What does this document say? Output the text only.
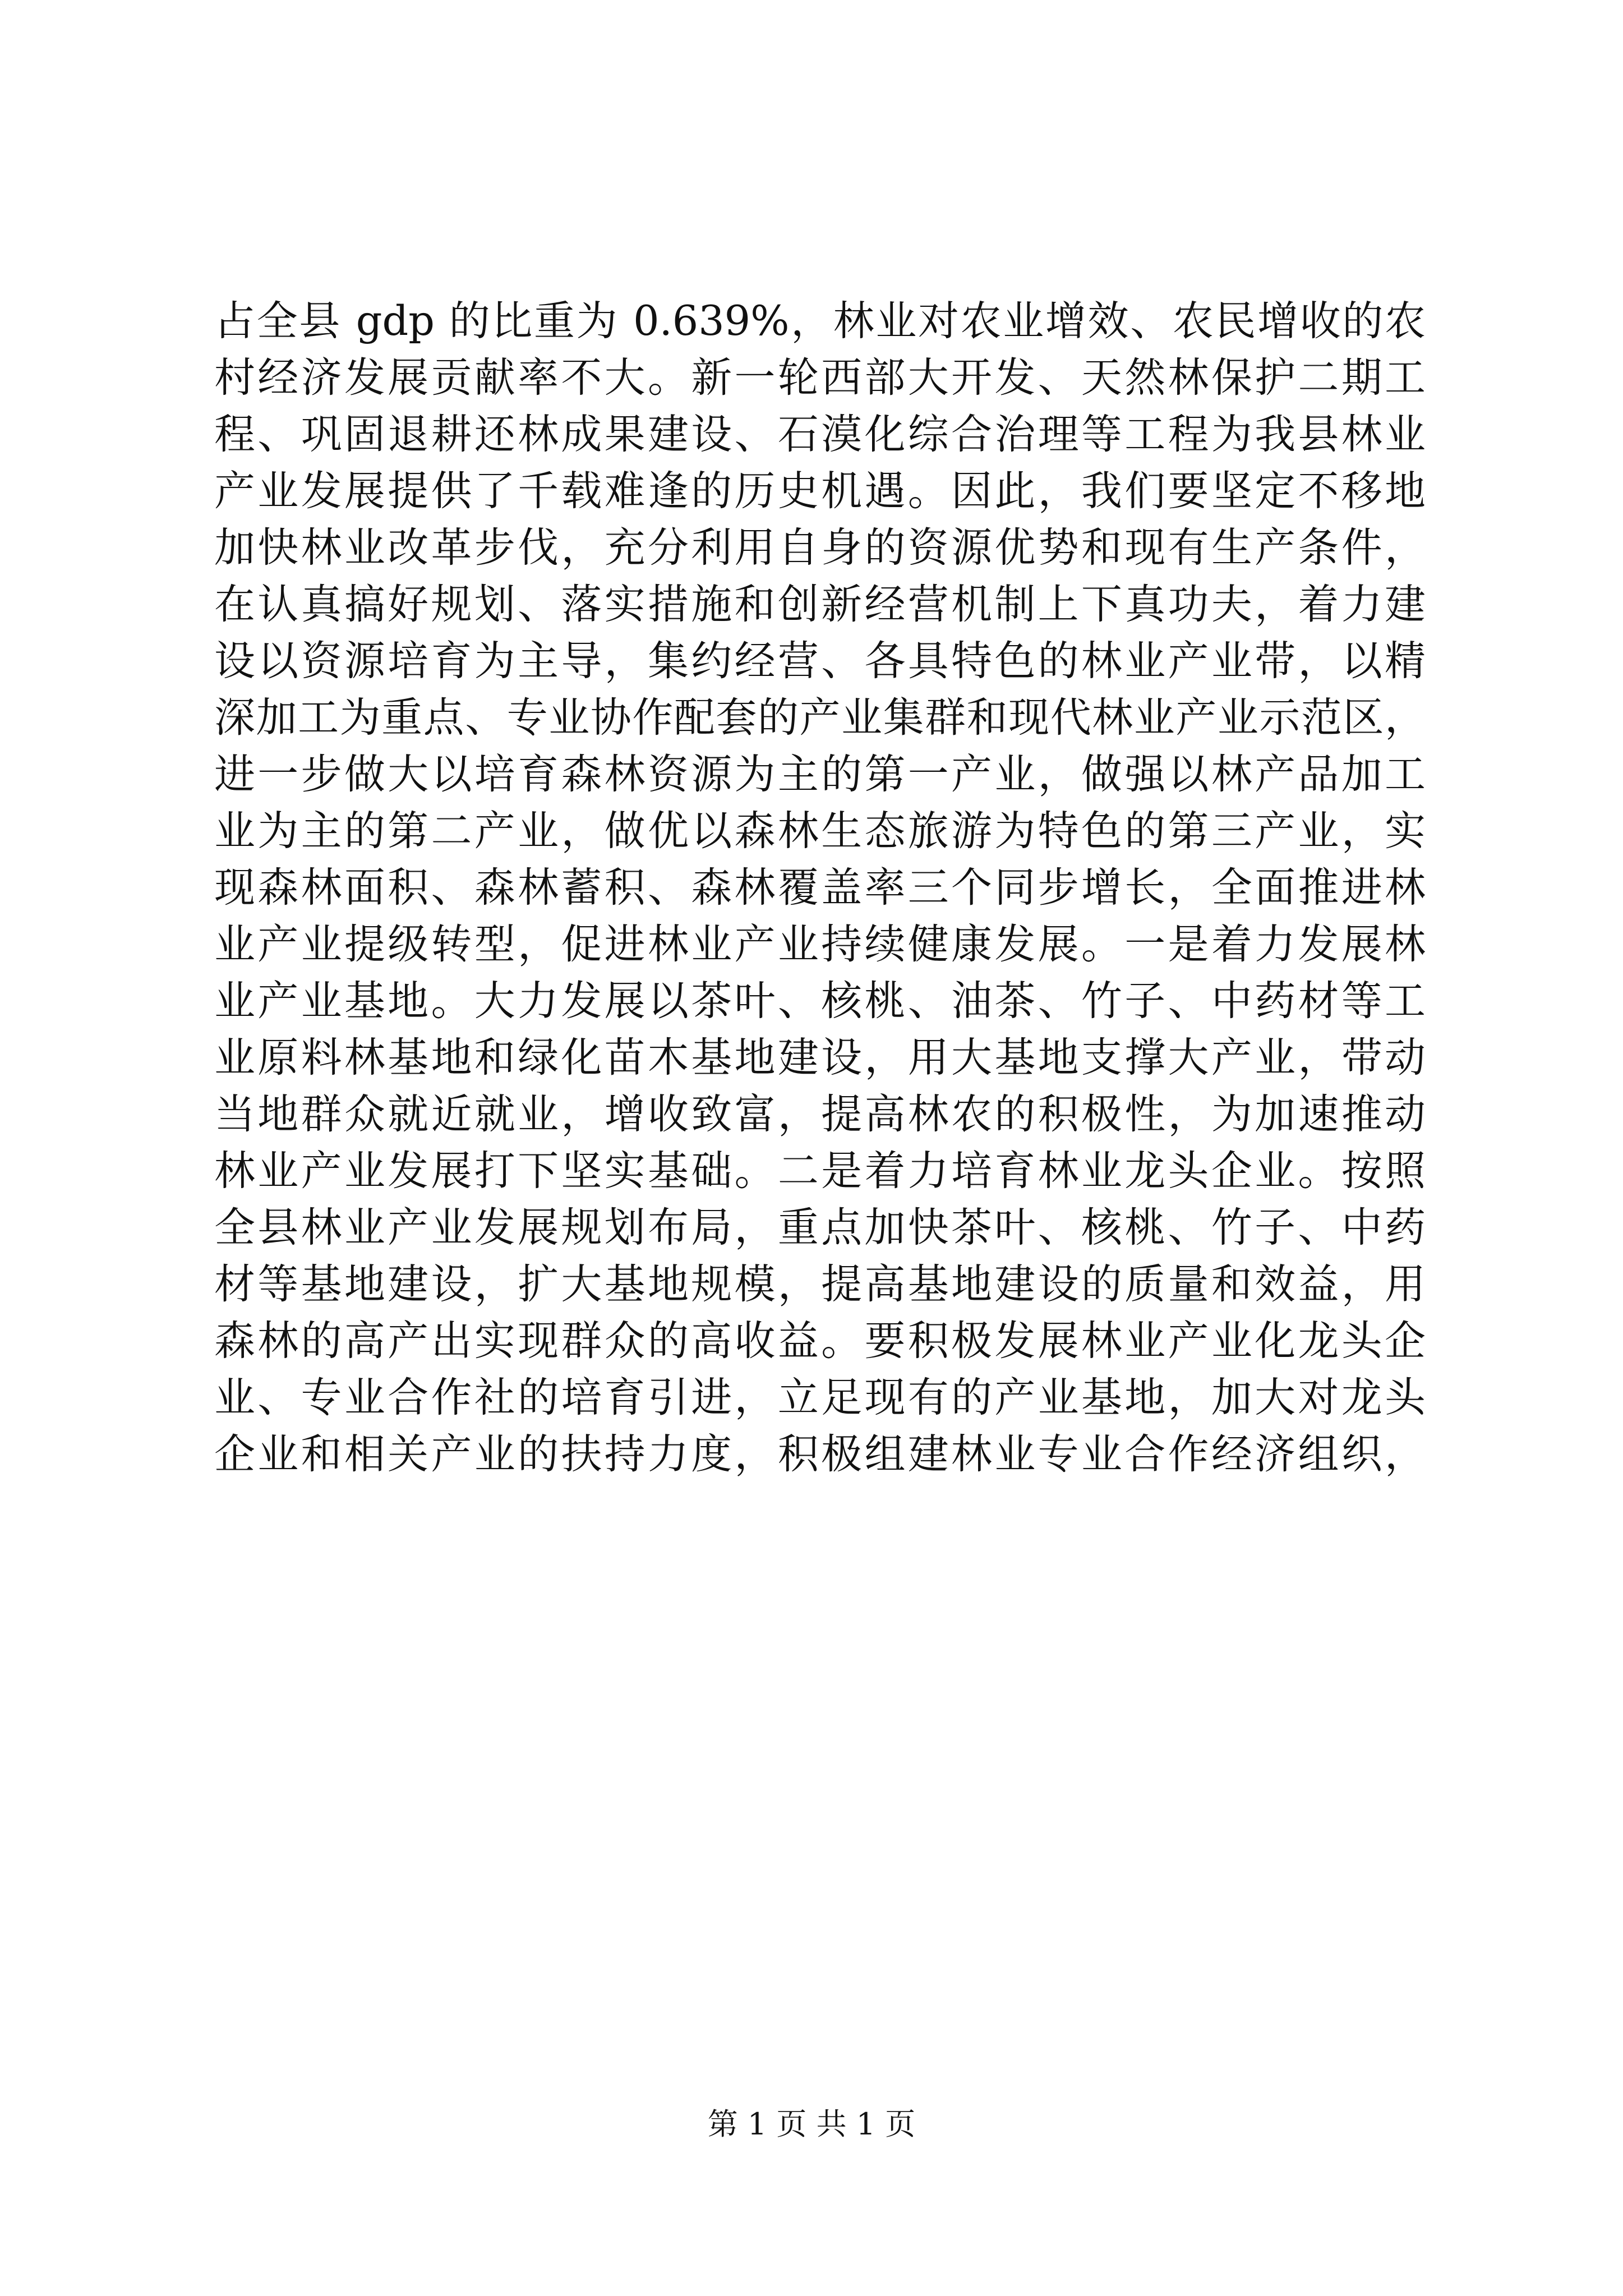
占全县 gdp 的比重为 0.639%，林业对农业增效、农民增收的农
村经济发展贡献率不大。新一轮西部大开发、天然林保护二期工
程、巩固退耕还林成果建设、石漠化综合治理等工程为我县林业
产业发展提供了千载难逢的历史机遇。因此，我们要坚定不移地
加快林业改革步伐，充分利用自身的资源优势和现有生产条件，
在认真搞好规划、落实措施和创新经营机制上下真功夫，着力建
设以资源培育为主导，集约经营、各具特色的林业产业带，以精
深加工为重点、专业协作配套的产业集群和现代林业产业示范区，
进一步做大以培育森林资源为主的第一产业，做强以林产品加工
业为主的第二产业，做优以森林生态旅游为特色的第三产业，实
现森林面积、森林蓄积、森林覆盖率三个同步增长，全面推进林
业产业提级转型，促进林业产业持续健康发展。一是着力发展林
业产业基地。大力发展以茶叶、核桃、油茶、竹子、中药材等工
业原料林基地和绿化苗木基地建设，用大基地支撑大产业，带动
当地群众就近就业，增收致富，提高林农的积极性，为加速推动
林业产业发展打下坚实基础。二是着力培育林业龙头企业。按照
全县林业产业发展规划布局，重点加快茶叶、核桃、竹子、中药
材等基地建设，扩大基地规模，提高基地建设的质量和效益，用
森林的高产出实现群众的高收益。要积极发展林业产业化龙头企
业、专业合作社的培育引进，立足现有的产业基地，加大对龙头
企业和相关产业的扶持力度，积极组建林业专业合作经济组织，
第 1 页 共 1 页
